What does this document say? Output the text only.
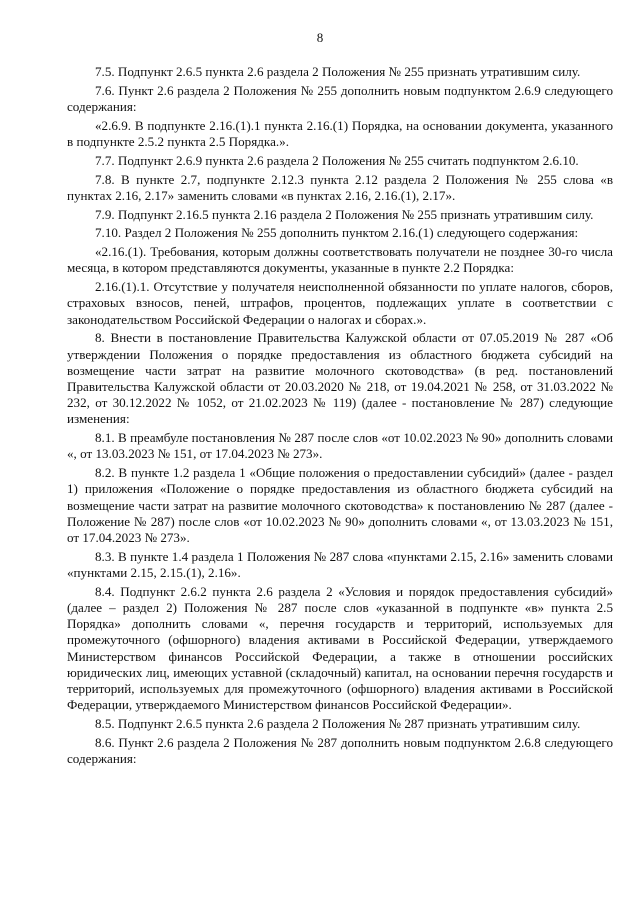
8

7.5. Подпункт 2.6.5 пункта 2.6 раздела 2 Положения № 255 признать утратившим силу.

7.6. Пункт 2.6 раздела 2 Положения № 255 дополнить новым подпунктом 2.6.9 следующего содержания:

«2.6.9. В подпункте 2.16.(1).1 пункта 2.16.(1) Порядка, на основании документа, указанного в подпункте 2.5.2 пункта 2.5 Порядка.».

7.7. Подпункт 2.6.9 пункта 2.6 раздела 2 Положения № 255 считать подпунктом 2.6.10.

7.8. В пункте 2.7, подпункте 2.12.3 пункта 2.12 раздела 2 Положения № 255 слова «в пунктах 2.16, 2.17» заменить словами «в пунктах 2.16, 2.16.(1), 2.17».

7.9. Подпункт 2.16.5 пункта 2.16 раздела 2 Положения № 255 признать утратившим силу.

7.10. Раздел 2 Положения № 255 дополнить пунктом 2.16.(1) следующего содержания:

«2.16.(1). Требования, которым должны соответствовать получатели не позднее 30-го числа месяца, в котором представляются документы, указанные в пункте 2.2 Порядка:

2.16.(1).1. Отсутствие у получателя неисполненной обязанности по уплате налогов, сборов, страховых взносов, пеней, штрафов, процентов, подлежащих уплате в соответствии с законодательством Российской Федерации о налогах и сборах.».

8. Внести в постановление Правительства Калужской области от 07.05.2019 № 287 «Об утверждении Положения о порядке предоставления из областного бюджета субсидий на возмещение части затрат на развитие молочного скотоводства» (в ред. постановлений Правительства Калужской области от 20.03.2020 № 218, от 19.04.2021 № 258, от 31.03.2022 № 232, от 30.12.2022 № 1052, от 21.02.2023 № 119) (далее - постановление № 287) следующие изменения:

8.1. В преамбуле постановления № 287 после слов «от 10.02.2023 № 90» дополнить словами «, от 13.03.2023 № 151, от 17.04.2023 № 273».

8.2. В пункте 1.2 раздела 1 «Общие положения о предоставлении субсидий» (далее - раздел 1) приложения «Положение о порядке предоставления из областного бюджета субсидий на возмещение части затрат на развитие молочного скотоводства» к постановлению № 287 (далее - Положение № 287) после слов «от 10.02.2023 № 90» дополнить словами «, от 13.03.2023 № 151, от 17.04.2023 № 273».

8.3. В пункте 1.4 раздела 1 Положения № 287 слова «пунктами 2.15, 2.16» заменить словами «пунктами 2.15, 2.15.(1), 2.16».

8.4. Подпункт 2.6.2 пункта 2.6 раздела 2 «Условия и порядок предоставления субсидий» (далее – раздел 2) Положения № 287 после слов «указанной в подпункте «в» пункта 2.5 Порядка» дополнить словами «, перечня государств и территорий, используемых для промежуточного (офшорного) владения активами в Российской Федерации, утверждаемого Министерством финансов Российской Федерации, а также в отношении российских юридических лиц, имеющих уставной (складочный) капитал, на основании перечня государств и территорий, используемых для промежуточного (офшорного) владения активами в Российской Федерации, утверждаемого Министерством финансов Российской Федерации».

8.5. Подпункт 2.6.5 пункта 2.6 раздела 2 Положения № 287 признать утратившим силу.

8.6. Пункт 2.6 раздела 2 Положения № 287 дополнить новым подпунктом 2.6.8 следующего содержания:
